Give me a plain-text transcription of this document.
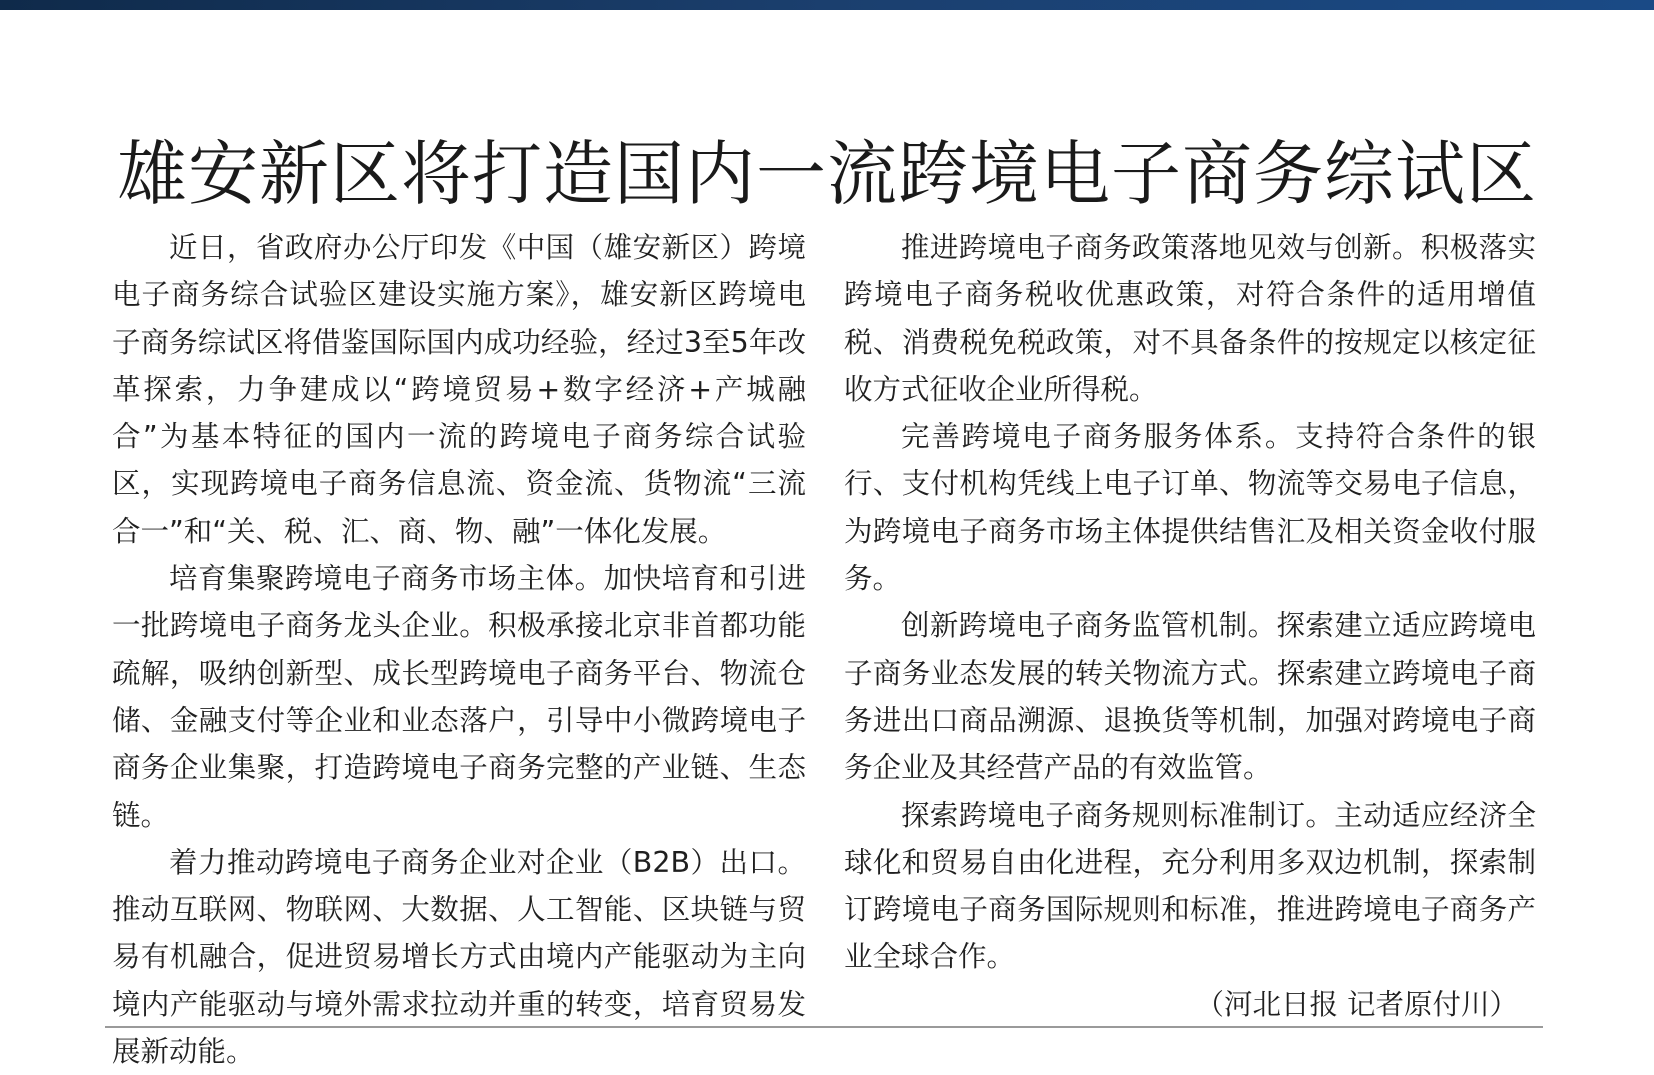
雄安新区将打造国内一流跨境电子商务综试区

近日，省政府办公厅印发《中国（雄安新区）跨境电子商务综合试验区建设实施方案》，雄安新区跨境电子商务综试区将借鉴国际国内成功经验，经过3至5年改革探索，力争建成以“跨境贸易+数字经济+产城融合”为基本特征的国内一流的跨境电子商务综合试验区，实现跨境电子商务信息流、资金流、货物流“三流合一”和“关、税、汇、商、物、融”一体化发展。

培育集聚跨境电子商务市场主体。加快培育和引进一批跨境电子商务龙头企业。积极承接北京非首都功能疏解，吸纳创新型、成长型跨境电子商务平台、物流仓储、金融支付等企业和业态落户，引导中小微跨境电子商务企业集聚，打造跨境电子商务完整的产业链、生态链。

着力推动跨境电子商务企业对企业（B2B）出口。推动互联网、物联网、大数据、人工智能、区块链与贸易有机融合，促进贸易增长方式由境内产能驱动为主向境内产能驱动与境外需求拉动并重的转变，培育贸易发展新动能。

推进跨境电子商务政策落地见效与创新。积极落实跨境电子商务税收优惠政策，对符合条件的适用增值税、消费税免税政策，对不具备条件的按规定以核定征收方式征收企业所得税。

完善跨境电子商务服务体系。支持符合条件的银行、支付机构凭线上电子订单、物流等交易电子信息，为跨境电子商务市场主体提供结售汇及相关资金收付服务。

创新跨境电子商务监管机制。探索建立适应跨境电子商务业态发展的转关物流方式。探索建立跨境电子商务进出口商品溯源、退换货等机制，加强对跨境电子商务企业及其经营产品的有效监管。

探索跨境电子商务规则标准制订。主动适应经济全球化和贸易自由化进程，充分利用多双边机制，探索制订跨境电子商务国际规则和标准，推进跨境电子商务产业全球合作。

（河北日报 记者原付川）
